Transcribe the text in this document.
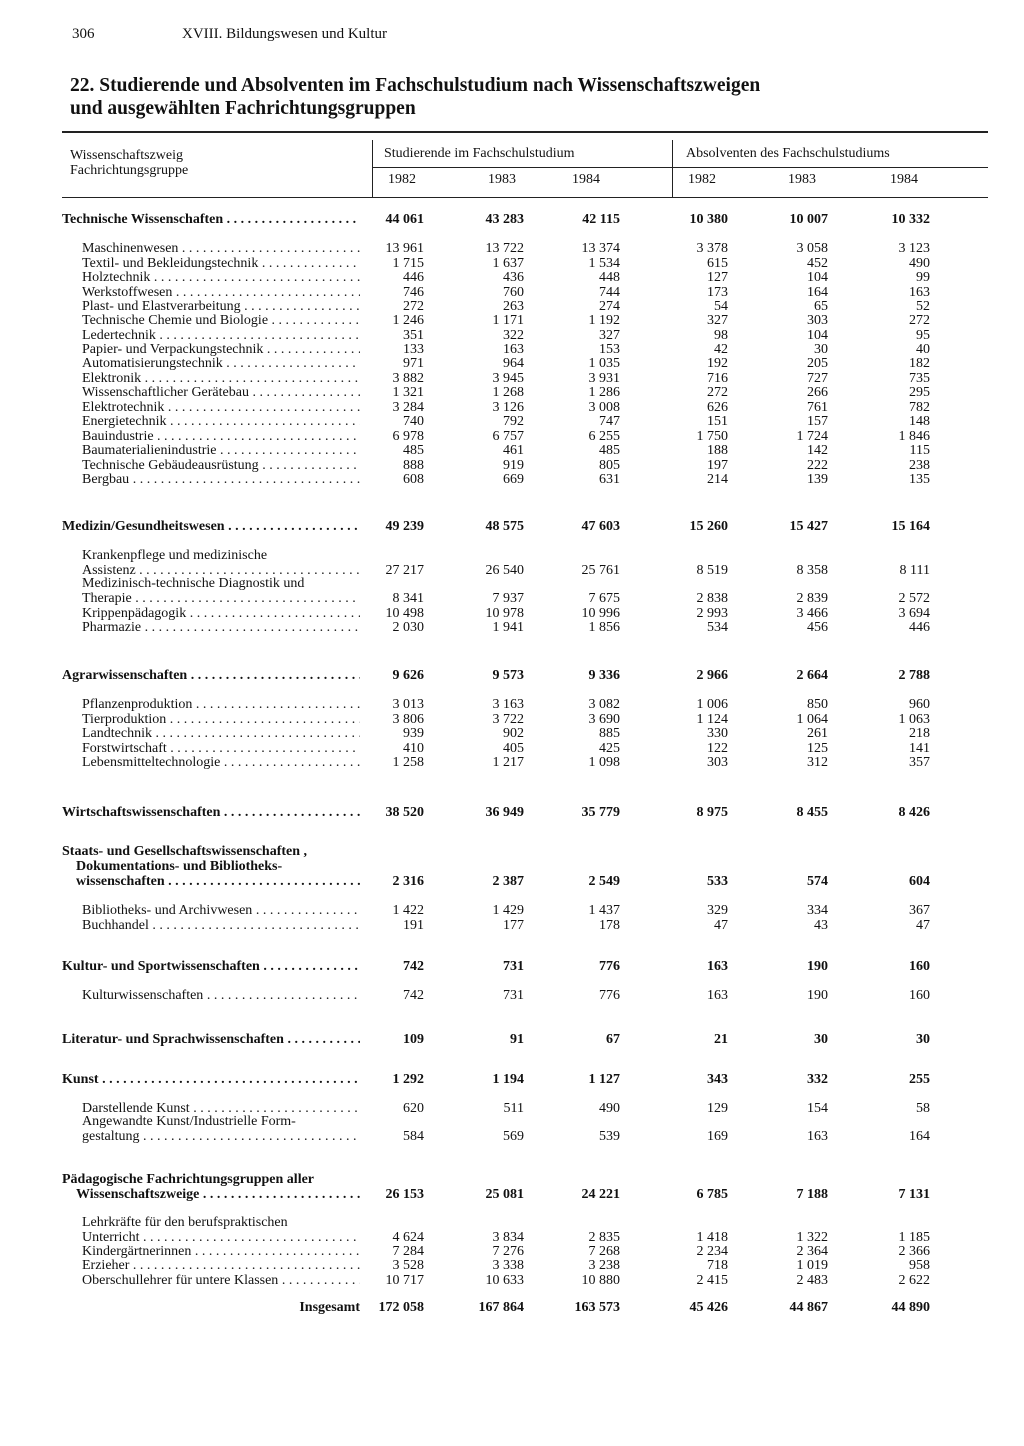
306	XVIII. Bildungswesen und Kultur
22. Studierende und Absolventen im Fachschulstudium nach Wissenschaftszweigen
und ausgewählten Fachrichtungsgruppen
Wissenschaftszweig
Fachrichtungsgruppe
Studierende im Fachschulstudium	Absolventen des Fachschulstudiums
1982	1983	1984	1982	1983	1984
Technische Wissenschaften . . .	44 061	43 283	42 115	10 380	10 007	10 332
Maschinenwesen . . .	13 961	13 722	13 374	3 378	3 058	3 123
Textil- und Bekleidungstechnik . . .	1 715	1 637	1 534	615	452	490
Holztechnik . . .	446	436	448	127	104	99
Werkstoffwesen . . .	746	760	744	173	164	163
Plast- und Elastverarbeitung . . .	272	263	274	54	65	52
Technische Chemie und Biologie . . .	1 246	1 171	1 192	327	303	272
Ledertechnik . . .	351	322	327	98	104	95
Papier- und Verpackungstechnik . . .	133	163	153	42	30	40
Automatisierungstechnik . . .	971	964	1 035	192	205	182
Elektronik . . .	3 882	3 945	3 931	716	727	735
Wissenschaftlicher Gerätebau . . .	1 321	1 268	1 286	272	266	295
Elektrotechnik . . .	3 284	3 126	3 008	626	761	782
Energietechnik . . .	740	792	747	151	157	148
Bauindustrie . . .	6 978	6 757	6 255	1 750	1 724	1 846
Baumaterialienindustrie . . .	485	461	485	188	142	115
Technische Gebäudeausrüstung . . .	888	919	805	197	222	238
Bergbau . . .	608	669	631	214	139	135
Medizin/Gesundheitswesen . . .	49 239	48 575	47 603	15 260	15 427	15 164
Krankenpflege und medizinische
Assistenz . . .	27 217	26 540	25 761	8 519	8 358	8 111
Medizinisch-technische Diagnostik und
Therapie . . .	8 341	7 937	7 675	2 838	2 839	2 572
Krippenpädagogik . . .	10 498	10 978	10 996	2 993	3 466	3 694
Pharmazie . . .	2 030	1 941	1 856	534	456	446
Agrarwissenschaften . . .	9 626	9 573	9 336	2 966	2 664	2 788
Pflanzenproduktion . . .	3 013	3 163	3 082	1 006	850	960
Tierproduktion . . .	3 806	3 722	3 690	1 124	1 064	1 063
Landtechnik . . .	939	902	885	330	261	218
Forstwirtschaft . . .	410	405	425	122	125	141
Lebensmitteltechnologie . . .	1 258	1 217	1 098	303	312	357
Wirtschaftswissenschaften . . .	38 520	36 949	35 779	8 975	8 455	8 426
Staats- und Gesellschaftswissenschaften ,
Dokumentations- und Bibliotheks-
wissenschaften . . .	2 316	2 387	2 549	533	574	604
Bibliotheks- und Archivwesen . . .	1 422	1 429	1 437	329	334	367
Buchhandel . . .	191	177	178	47	43	47
Kultur- und Sportwissenschaften . . .	742	731	776	163	190	160
Kulturwissenschaften . . .	742	731	776	163	190	160
Literatur- und Sprachwissenschaften . . .	109	91	67	21	30	30
Kunst . . .	1 292	1 194	1 127	343	332	255
Darstellende Kunst . . .	620	511	490	129	154	58
Angewandte Kunst/Industrielle Form-
gestaltung . . .	584	569	539	169	163	164
Pädagogische Fachrichtungsgruppen aller
Wissenschaftszweige . . .	26 153	25 081	24 221	6 785	7 188	7 131
Lehrkräfte für den berufspraktischen
Unterricht . . .	4 624	3 834	2 835	1 418	1 322	1 185
Kindergärtnerinnen . . .	7 284	7 276	7 268	2 234	2 364	2 366
Erzieher . . .	3 528	3 338	3 238	718	1 019	958
Oberschullehrer für untere Klassen . . .	10 717	10 633	10 880	2 415	2 483	2 622
Insgesamt	172 058	167 864	163 573	45 426	44 867	44 890
